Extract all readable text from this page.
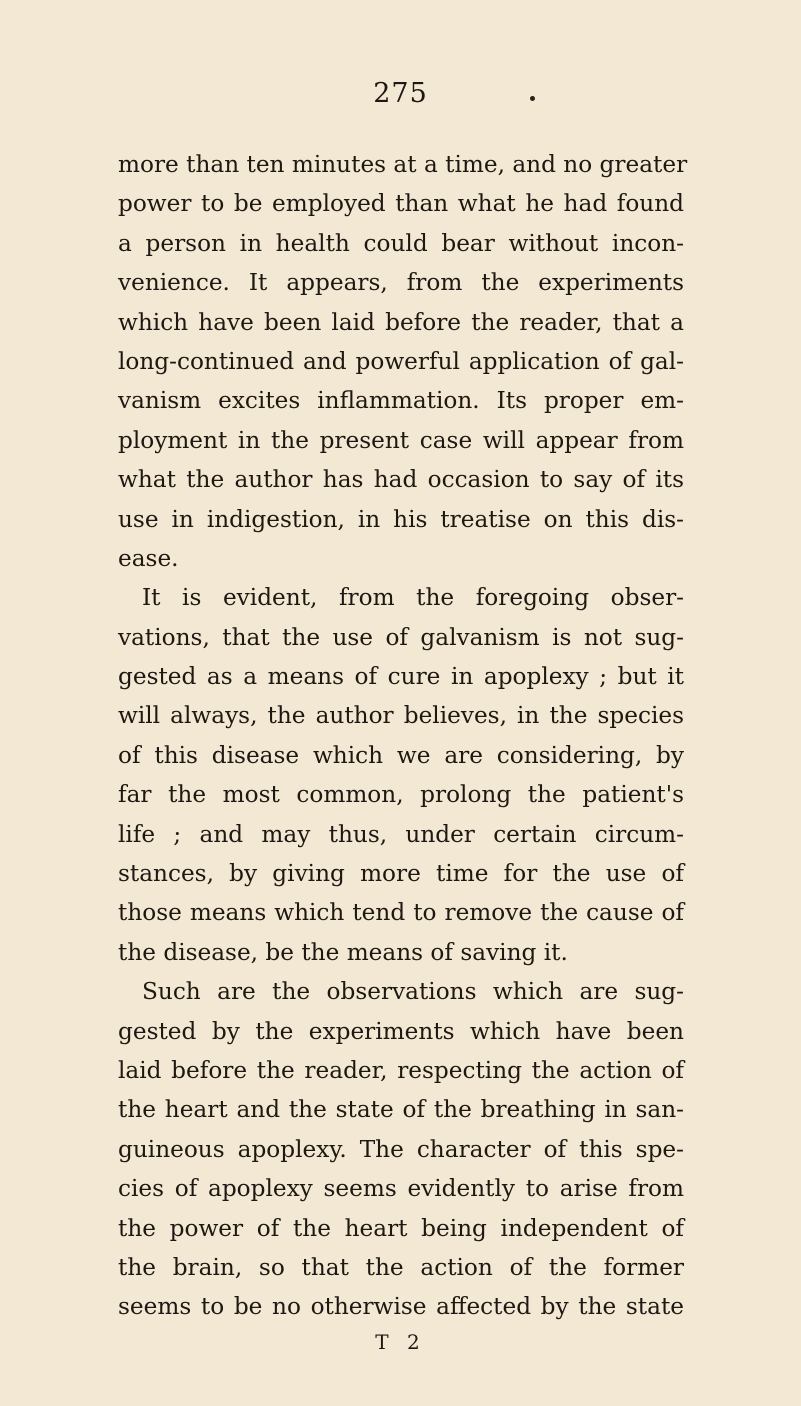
275
more than ten minutes at a time, and no greater
power to be employed than what he had found
a person in health could bear without incon-
venience. It appears, from the experiments
which have been laid before the reader, that a
long-continued and powerful application of gal-
vanism excites inflammation. Its proper em-
ployment in the present case will appear from
what the author has had occasion to say of its
use in indigestion, in his treatise on this dis-
ease.
It is evident, from the foregoing obser-
vations, that the use of galvanism is not sug-
gested as a means of cure in apoplexy ; but it
will always, the author believes, in the species
of this disease which we are considering, by
far the most common, prolong the patient's
life ; and may thus, under certain circum-
stances, by giving more time for the use of
those means which tend to remove the cause of
the disease, be the means of saving it.
Such are the observations which are sug-
gested by the experiments which have been
laid before the reader, respecting the action of
the heart and the state of the breathing in san-
guineous apoplexy. The character of this spe-
cies of apoplexy seems evidently to arise from
the power of the heart being independent of
the brain, so that the action of the former
seems to be no otherwise affected by the state
T 2
